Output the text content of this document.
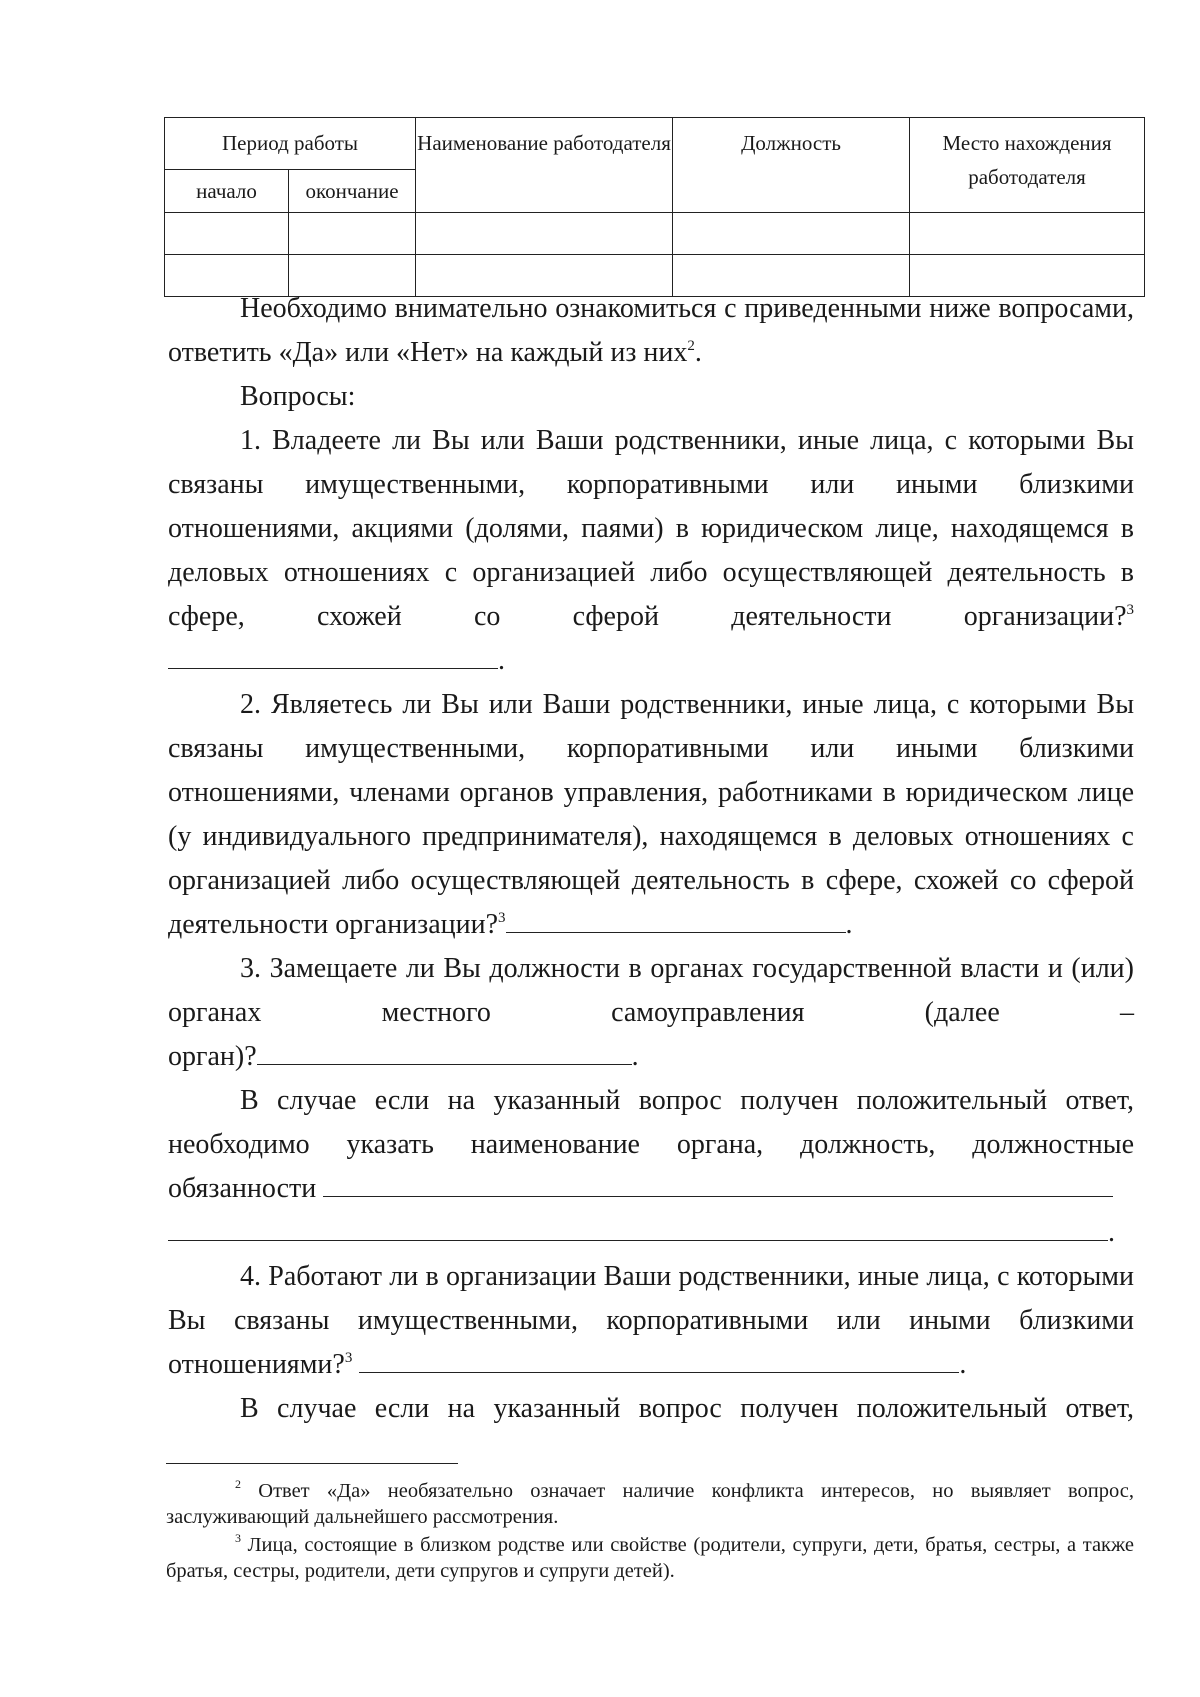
Период работы		Наименование работодателя	Должность	Место нахождения работодателя
начало	окончание			

Необходимо внимательно ознакомиться с приведенными ниже вопросами, ответить «Да» или «Нет» на каждый из них$^2$.

Вопросы:

1. Владеете ли Вы или Ваши родственники, иные лица, с которыми Вы связаны имущественными, корпоративными или иными близкими отношениями, акциями (долями, паями) в юридическом лице, находящемся в деловых отношениях с организацией либо осуществляющей деятельность в сфере, схожей со сферой деятельности организации?$^3$.

2. Являетесь ли Вы или Ваши родственники, иные лица, с которыми Вы связаны имущественными, корпоративными или иными близкими отношениями, членами органов управления, работниками в юридическом лице (у индивидуального предпринимателя), находящемся в деловых отношениях с организацией либо осуществляющей деятельность в сфере, схожей со сферой деятельности организации?$^3$	.

3. Замещаете ли Вы должности в органах государственной власти и (или) органах местного самоуправления (далее –

орган)?	.

В случае если на указанный вопрос получен положительный ответ, необходимо указать наименование органа, должность, должностные обязанности
.

4. Работают ли в организации Ваши родственники, иные лица, с которыми Вы связаны имущественными, корпоративными или иными близкими отношениями?$^3$	.

В случае если на указанный вопрос получен положительный ответ,

$^2$ Ответ «Да» необязательно означает наличие конфликта интересов, но выявляет вопрос, заслуживающий дальнейшего рассмотрения.

$^3$ Лица, состоящие в близком родстве или свойстве (родители, супруги, дети, братья, сестры, а также братья, сестры, родители, дети супругов и супруги детей).
